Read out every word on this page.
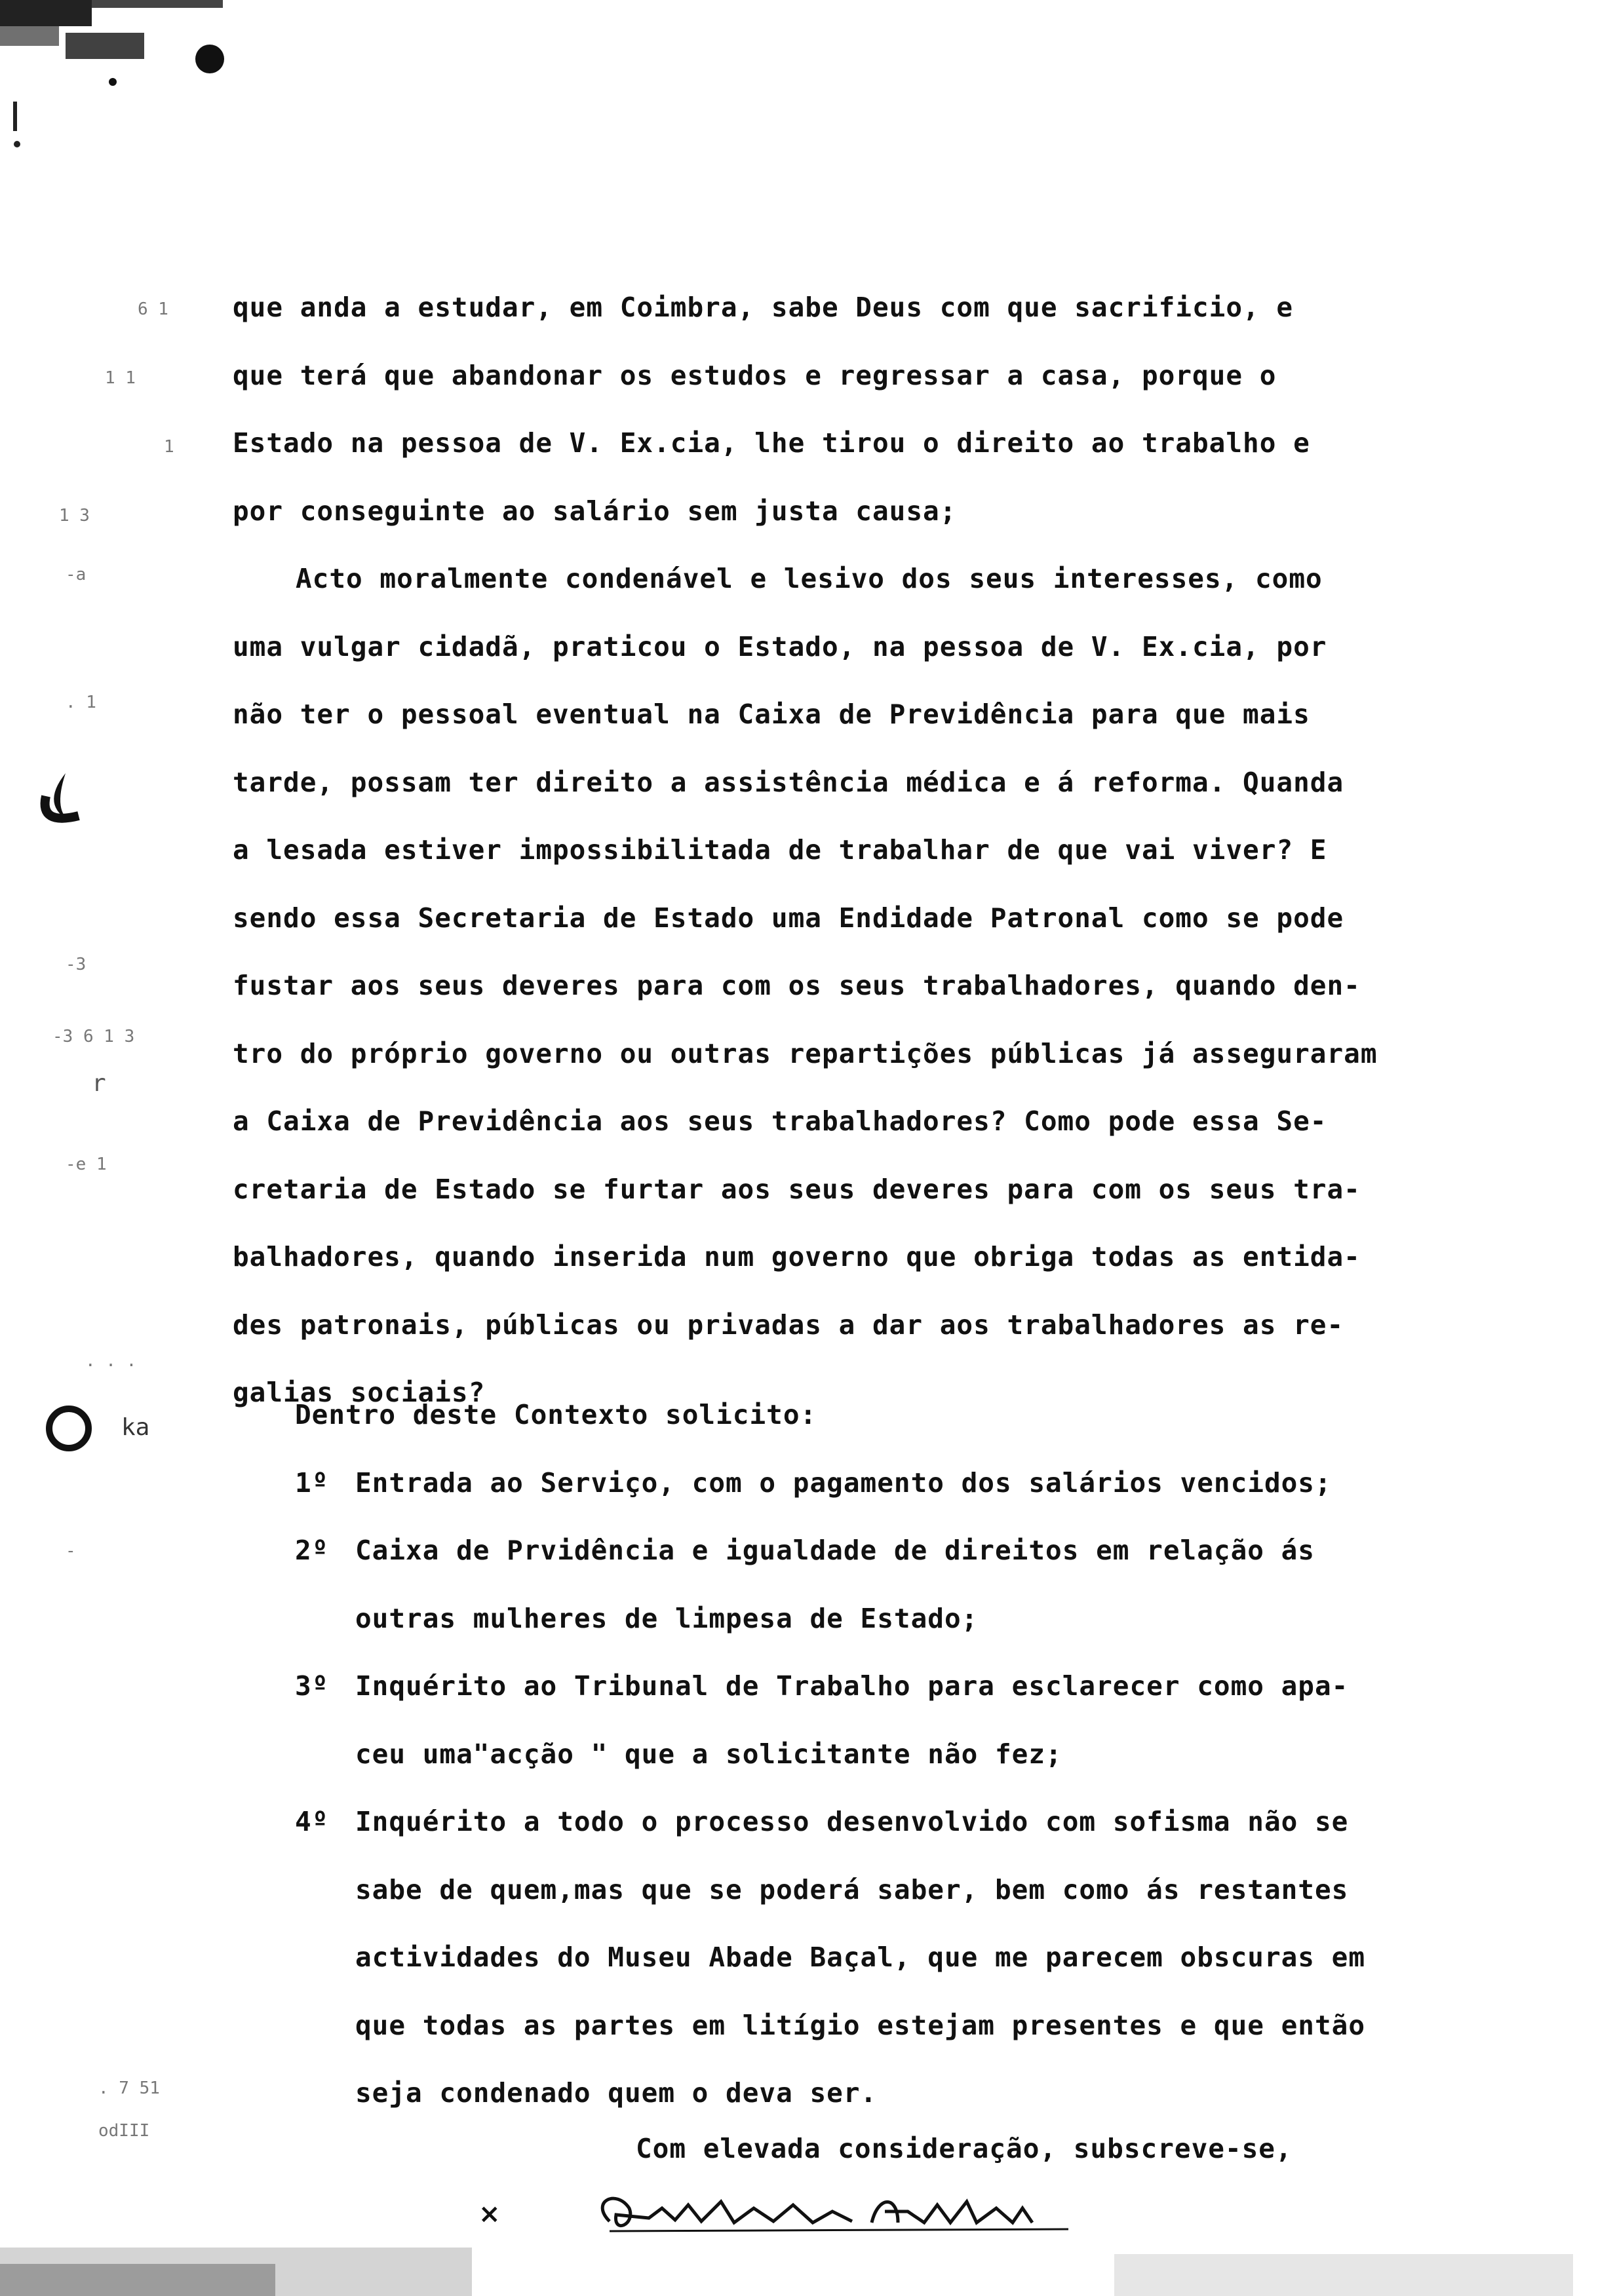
ka
r
6 1
1 1
1
1 3
-a
. 1
-3
-3 6 1 3
-e 1
. . .
-
. 7 51
odIII
que anda a estudar, em Coimbra, sabe Deus com que sacrificio, e
que terá que abandonar os estudos e regressar a casa, porque o
Estado na pessoa de V. Ex.cia, lhe tirou o direito ao trabalho e
por conseguinte ao salário sem justa causa;
Acto moralmente condenável e lesivo dos seus interesses, como
uma vulgar cidadã, praticou o Estado, na pessoa de V. Ex.cia, por
não ter o pessoal eventual na Caixa de Previdência para que mais
tarde, possam ter direito a assistência médica e á reforma. Quanda
a lesada estiver impossibilitada de trabalhar de que vai viver? E
sendo essa Secretaria de Estado uma Endidade Patronal como se pode
fustar aos seus deveres para com os seus trabalhadores, quando den-
tro do próprio governo ou outras repartições públicas já asseguraram
a Caixa de Previdência aos seus trabalhadores? Como pode essa Se-
cretaria de Estado se furtar aos seus deveres para com os seus tra-
balhadores, quando inserida num governo que obriga todas as entida-
des patronais, públicas ou privadas a dar aos trabalhadores as re-
galias sociais?
Dentro deste Contexto solicito:
1º Entrada ao Serviço, com o pagamento dos salários vencidos;
2º Caixa de Prvidência e igualdade de direitos em relação ás
outras mulheres de limpesa de Estado;
3º Inquérito ao Tribunal de Trabalho para esclarecer como apa-
ceu uma"acção " que a solicitante não fez;
4º Inquérito a todo o processo desenvolvido com sofisma não se
sabe de quem,mas que se poderá saber, bem como ás restantes
actividades do Museu Abade Baçal, que me parecem obscuras em
que todas as partes em litígio estejam presentes e que então
seja condenado quem o deva ser.
Com elevada consideração, subscreve-se,
×
